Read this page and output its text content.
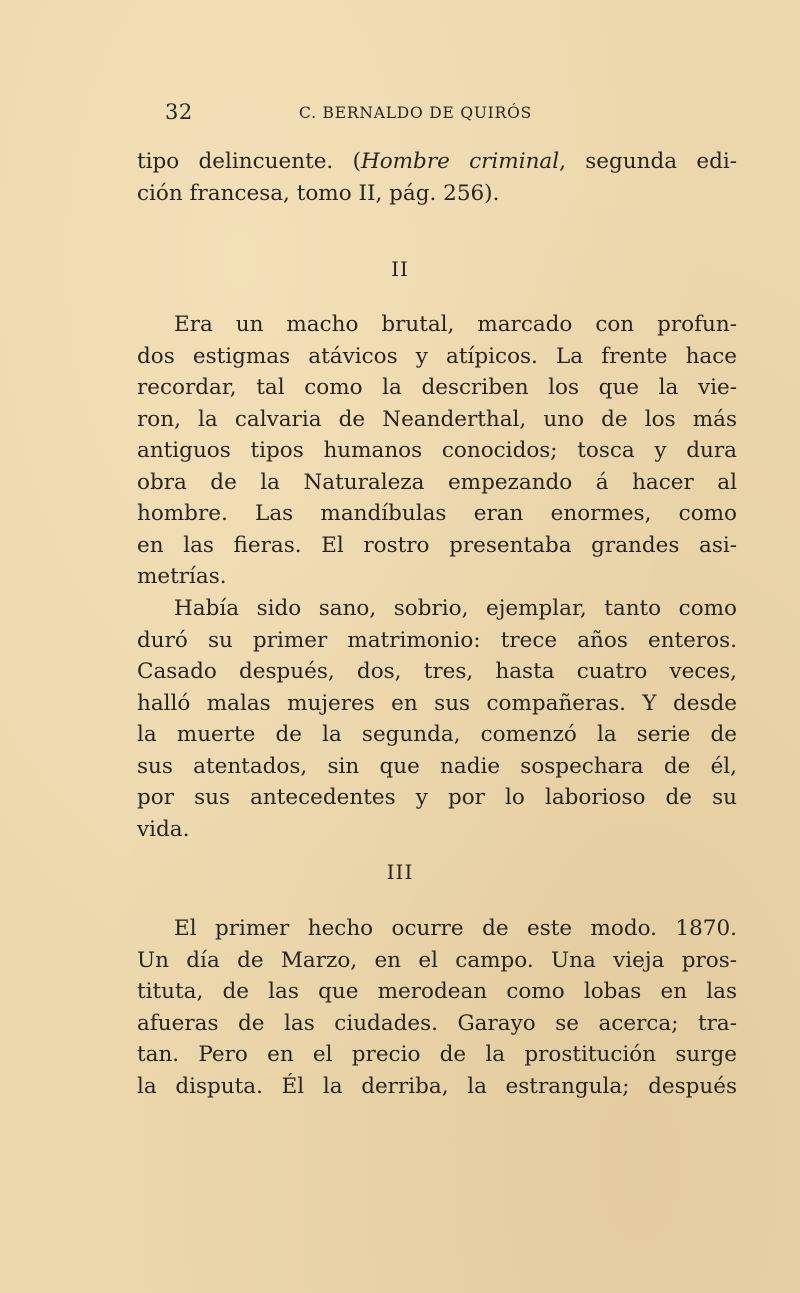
32	C. BERNALDO DE QUIRÓS
tipo delincuente. (Hombre criminal, segunda edi-
ción francesa, tomo II, pág. 256).
II
Era un macho brutal, marcado con profun-
dos estigmas atávicos y atípicos. La frente hace
recordar, tal como la describen los que la vie-
ron, la calvaria de Neanderthal, uno de los más
antiguos tipos humanos conocidos; tosca y dura
obra de la Naturaleza empezando á hacer al
hombre. Las mandíbulas eran enormes, como
en las fieras. El rostro presentaba grandes asi-
metrías.
Había sido sano, sobrio, ejemplar, tanto como
duró su primer matrimonio: trece años enteros.
Casado después, dos, tres, hasta cuatro veces,
halló malas mujeres en sus compañeras. Y desde
la muerte de la segunda, comenzó la serie de
sus atentados, sin que nadie sospechara de él,
por sus antecedentes y por lo laborioso de su
vida.
III
El primer hecho ocurre de este modo. 1870.
Un día de Marzo, en el campo. Una vieja pros-
tituta, de las que merodean como lobas en las
afueras de las ciudades. Garayo se acerca; tra-
tan. Pero en el precio de la prostitución surge
la disputa. Él la derriba, la estrangula; después
